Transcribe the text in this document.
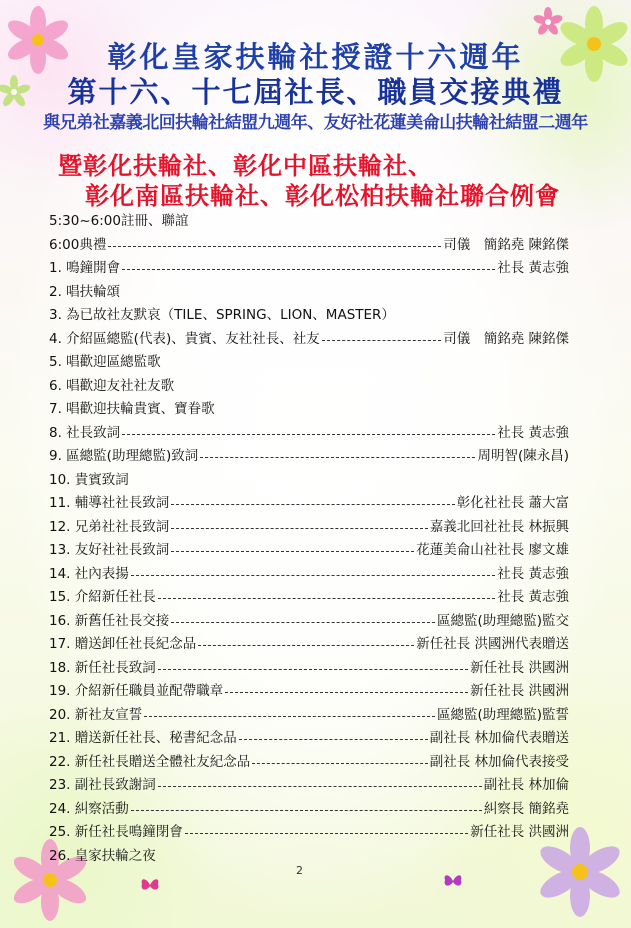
彰化皇家扶輪社授證十六週年
第十六、十七屆社長、職員交接典禮
與兄弟社嘉義北回扶輪社結盟九週年、友好社花蓮美侖山扶輪社結盟二週年
暨彰化扶輪社、彰化中區扶輪社、
彰化南區扶輪社、彰化松柏扶輪社聯合例會
5:30~6:00註冊、聯誼
6:00典禮	司儀　簡銘堯 陳銘傑
1. 鳴鐘開會	社長 黃志強
2. 唱扶輪頌
3. 為已故社友默哀（TILE、SPRING、LION、MASTER）
4. 介紹區總監(代表)、貴賓、友社社長、社友	司儀　簡銘堯 陳銘傑
5. 唱歡迎區總監歌
6. 唱歡迎友社社友歌
7. 唱歡迎扶輪貴賓、寶眷歌
8. 社長致詞	社長 黃志強
9. 區總監(助理總監)致詞	周明智(陳永昌)
10. 貴賓致詞
11. 輔導社社長致詞	彰化社社長 蕭大富
12. 兄弟社社長致詞	嘉義北回社社長 林振興
13. 友好社社長致詞	花蓮美侖山社社長 廖文雄
14. 社內表揚	社長 黃志強
15. 介紹新任社長	社長 黃志強
16. 新舊任社長交接	區總監(助理總監)監交
17. 贈送卸任社長紀念品	新任社長 洪國洲代表贈送
18. 新任社長致詞	新任社長 洪國洲
19. 介紹新任職員並配帶職章	新任社長 洪國洲
20. 新社友宣誓	區總監(助理總監)監誓
21. 贈送新任社長、秘書紀念品	副社長 林加倫代表贈送
22. 新任社長贈送全體社友紀念品	副社長 林加倫代表接受
23. 副社長致謝詞	副社長 林加倫
24. 糾察活動	糾察長 簡銘堯
25. 新任社長鳴鐘閉會	新任社長 洪國洲
26. 皇家扶輪之夜
2
